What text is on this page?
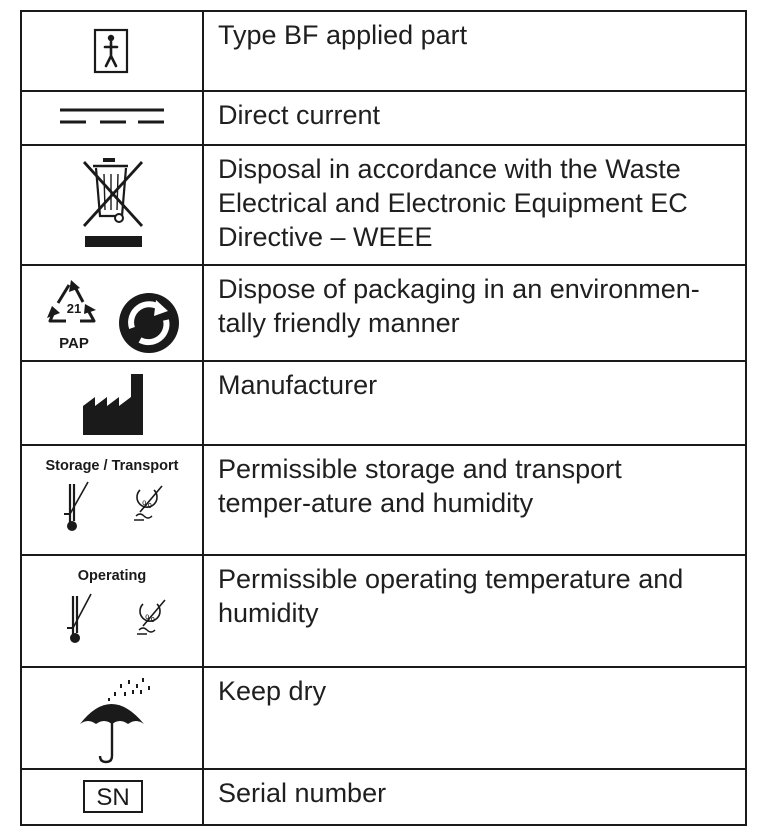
Type BF applied part
Direct current
Disposal in accordance with the Waste Electrical and Electronic Equipment EC Directive – WEEE
21
PAP
Dispose of packaging in an environmen-tally friendly manner
Manufacturer
Storage / Transport
%
Permissible storage and transport temper-ature and humidity
Operating
%
Permissible operating temperature and humidity
Keep dry
SN	Serial number
